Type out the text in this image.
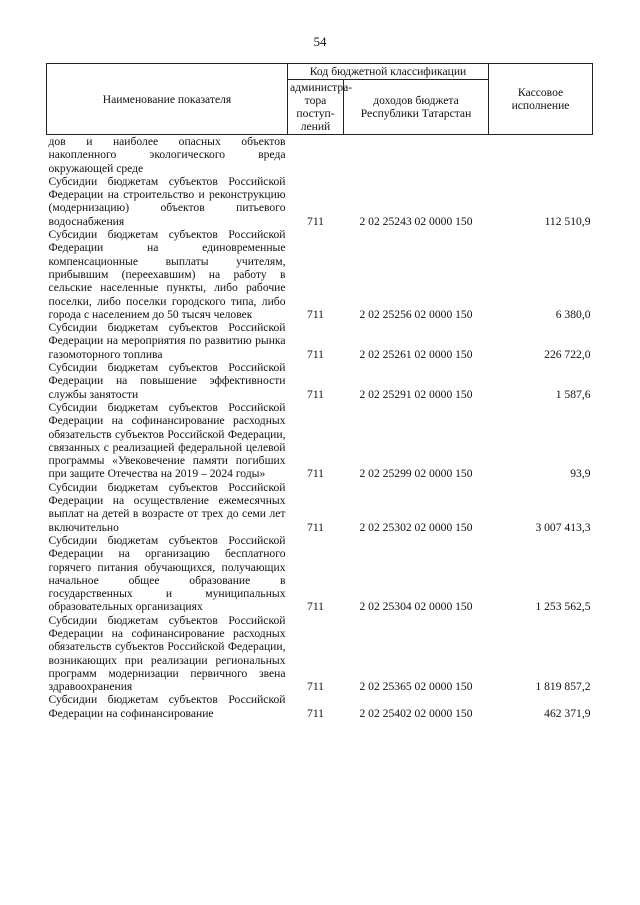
54
Наименование показателя	Код бюджетной классификации		Кассовое исполнение
	администра-тора поступ-лений	доходов бюджета Республики Татарстан	
дов и наиболее опасных объектов накопленного экологического вреда окружающей среде			
Субсидии бюджетам субъектов Российской Федерации на строительство и реконструкцию (модернизацию) объектов питьевого водоснабжения	711	2 02 25243 02 0000 150	112 510,9
Субсидии бюджетам субъектов Российской Федерации на единовременные компенсационные выплаты учителям, прибывшим (переехавшим) на работу в сельские населенные пункты, либо рабочие поселки, либо поселки городского типа, либо города с населением до 50 тысяч человек	711	2 02 25256 02 0000 150	6 380,0
Субсидии бюджетам субъектов Российской Федерации на мероприятия по развитию рынка газомоторного топлива	711	2 02 25261 02 0000 150	226 722,0
Субсидии бюджетам субъектов Российской Федерации на повышение эффективности службы занятости	711	2 02 25291 02 0000 150	1 587,6
Субсидии бюджетам субъектов Российской Федерации на софинансирование расходных обязательств субъектов Российской Федерации, связанных с реализацией федеральной целевой программы «Увековечение памяти погибших при защите Отечества на 2019 – 2024 годы»	711	2 02 25299 02 0000 150	93,9
Субсидии бюджетам субъектов Российской Федерации на осуществление ежемесячных выплат на детей в возрасте от трех до семи лет включительно	711	2 02 25302 02 0000 150	3 007 413,3
Субсидии бюджетам субъектов Российской Федерации на организацию бесплатного горячего питания обучающихся, получающих начальное общее образование в государственных и муниципальных образовательных организациях	711	2 02 25304 02 0000 150	1 253 562,5
Субсидии бюджетам субъектов Российской Федерации на софинансирование расходных обязательств субъектов Российской Федерации, возникающих при реализации региональных программ модернизации первичного звена здравоохранения	711	2 02 25365 02 0000 150	1 819 857,2
Субсидии бюджетам субъектов Российской Федерации на софинансирование	711	2 02 25402 02 0000 150	462 371,9
